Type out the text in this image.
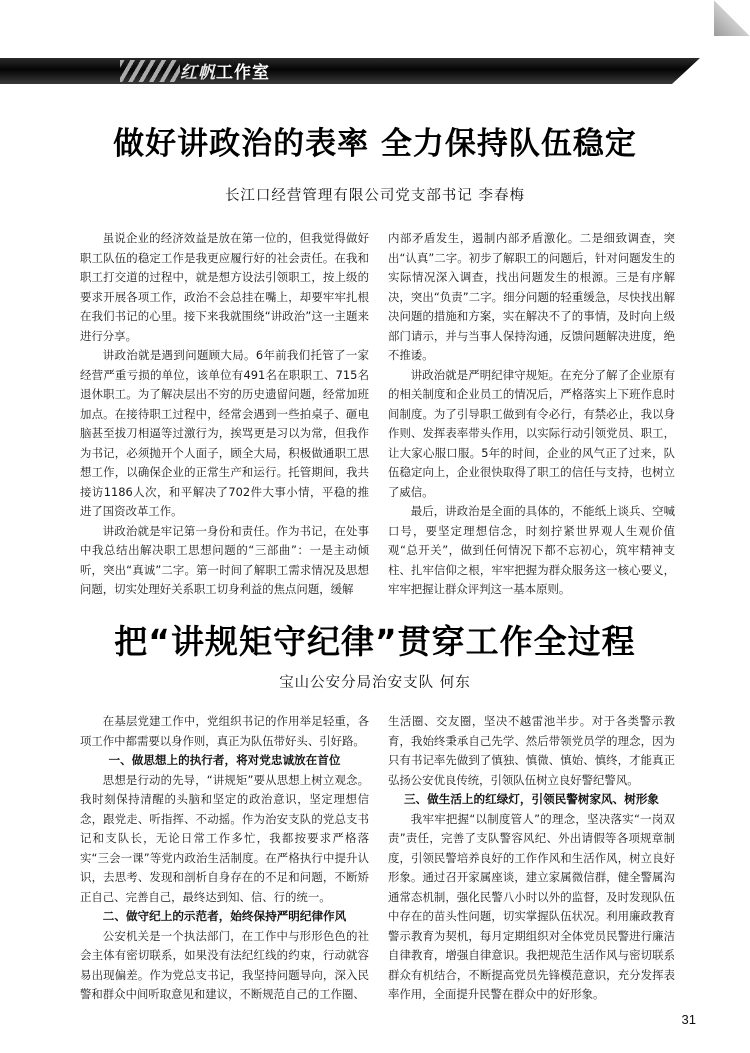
红帆工作室
做好讲政治的表率 全力保持队伍稳定
长江口经营管理有限公司党支部书记 李春梅

虽说企业的经济效益是放在第一位的，但我觉得做好职工队伍的稳定工作是我更应履行好的社会责任。在我和职工打交道的过程中，就是想方设法引领职工，按上级的要求开展各项工作，政治不会总挂在嘴上，却要牢牢扎根在我们书记的心里。接下来我就围绕“讲政治”这一主题来进行分享。

讲政治就是遇到问题顾大局。6年前我们托管了一家经营严重亏损的单位，该单位有491名在职职工、715名退休职工。为了解决层出不穷的历史遗留问题，经常加班加点。在接待职工过程中，经常会遇到一些拍桌子、砸电脑甚至拔刀相逼等过激行为，挨骂更是习以为常，但我作为书记，必须抛开个人面子，顾全大局，积极做通职工思想工作，以确保企业的正常生产和运行。托管期间，我共接访1186人次，和平解决了702件大事小情，平稳的推进了国资改革工作。

讲政治就是牢记第一身份和责任。作为书记，在处事中我总结出解决职工思想问题的“三部曲”：一是主动倾听，突出“真诚”二字。第一时间了解职工需求情况及思想问题，切实处理好关系职工切身利益的焦点问题，缓解

内部矛盾发生，遏制内部矛盾激化。二是细致调查，突出“认真”二字。初步了解职工的问题后，针对问题发生的实际情况深入调查，找出问题发生的根源。三是有序解决，突出“负责”二字。细分问题的轻重缓急，尽快找出解决问题的措施和方案，实在解决不了的事情，及时向上级部门请示，并与当事人保持沟通，反馈问题解决进度，绝不推诿。

讲政治就是严明纪律守规矩。在充分了解了企业原有的相关制度和企业员工的情况后，严格落实上下班作息时间制度。为了引导职工做到有令必行，有禁必止，我以身作则、发挥表率带头作用，以实际行动引领党员、职工，让大家心服口服。5年的时间，企业的风气正了过来，队伍稳定向上，企业很快取得了职工的信任与支持，也树立了威信。

最后，讲政治是全面的具体的，不能纸上谈兵、空喊口号，要坚定理想信念，时刻拧紧世界观人生观价值观“总开关”，做到任何情况下都不忘初心，筑牢精神支柱、扎牢信仰之根，牢牢把握为群众服务这一核心要义，牢牢把握让群众评判这一基本原则。

把“讲规矩守纪律”贯穿工作全过程
宝山公安分局治安支队 何东

在基层党建工作中，党组织书记的作用举足轻重，各项工作中都需要以身作则，真正为队伍带好头、引好路。

一、做思想上的执行者，将对党忠诚放在首位

思想是行动的先导，“讲规矩”要从思想上树立观念。我时刻保持清醒的头脑和坚定的政治意识，坚定理想信念，跟党走、听指挥、不动摇。作为治安支队的党总支书记和支队长，无论日常工作多忙，我都按要求严格落实“三会一课”等党内政治生活制度。在严格执行中提升认识，去思考、发现和剖析自身存在的不足和问题，不断矫正自己、完善自己，最终达到知、信、行的统一。

二、做守纪上的示范者，始终保持严明纪律作风

公安机关是一个执法部门，在工作中与形形色色的社会主体有密切联系，如果没有法纪红线的约束，行动就容易出现偏差。作为党总支书记，我坚持问题导向，深入民警和群众中间听取意见和建议，不断规范自己的工作圈、

生活圈、交友圈，坚决不越雷池半步。对于各类警示教育，我始终秉承自己先学、然后带领党员学的理念，因为只有书记率先做到了慎独、慎微、慎始、慎终，才能真正弘扬公安优良传统，引领队伍树立良好警纪警风。

三、做生活上的红绿灯，引领民警树家风、树形象

我牢牢把握“以制度管人”的理念，坚决落实“一岗双责”责任，完善了支队警容风纪、外出请假等各项规章制度，引领民警培养良好的工作作风和生活作风，树立良好形象。通过召开家属座谈，建立家属微信群，健全警属沟通常态机制，强化民警八小时以外的监督，及时发现队伍中存在的苗头性问题，切实掌握队伍状况。利用廉政教育警示教育为契机，每月定期组织对全体党员民警进行廉洁自律教育，增强自律意识。我把规范生活作风与密切联系群众有机结合，不断提高党员先锋模范意识，充分发挥表率作用，全面提升民警在群众中的好形象。

31
